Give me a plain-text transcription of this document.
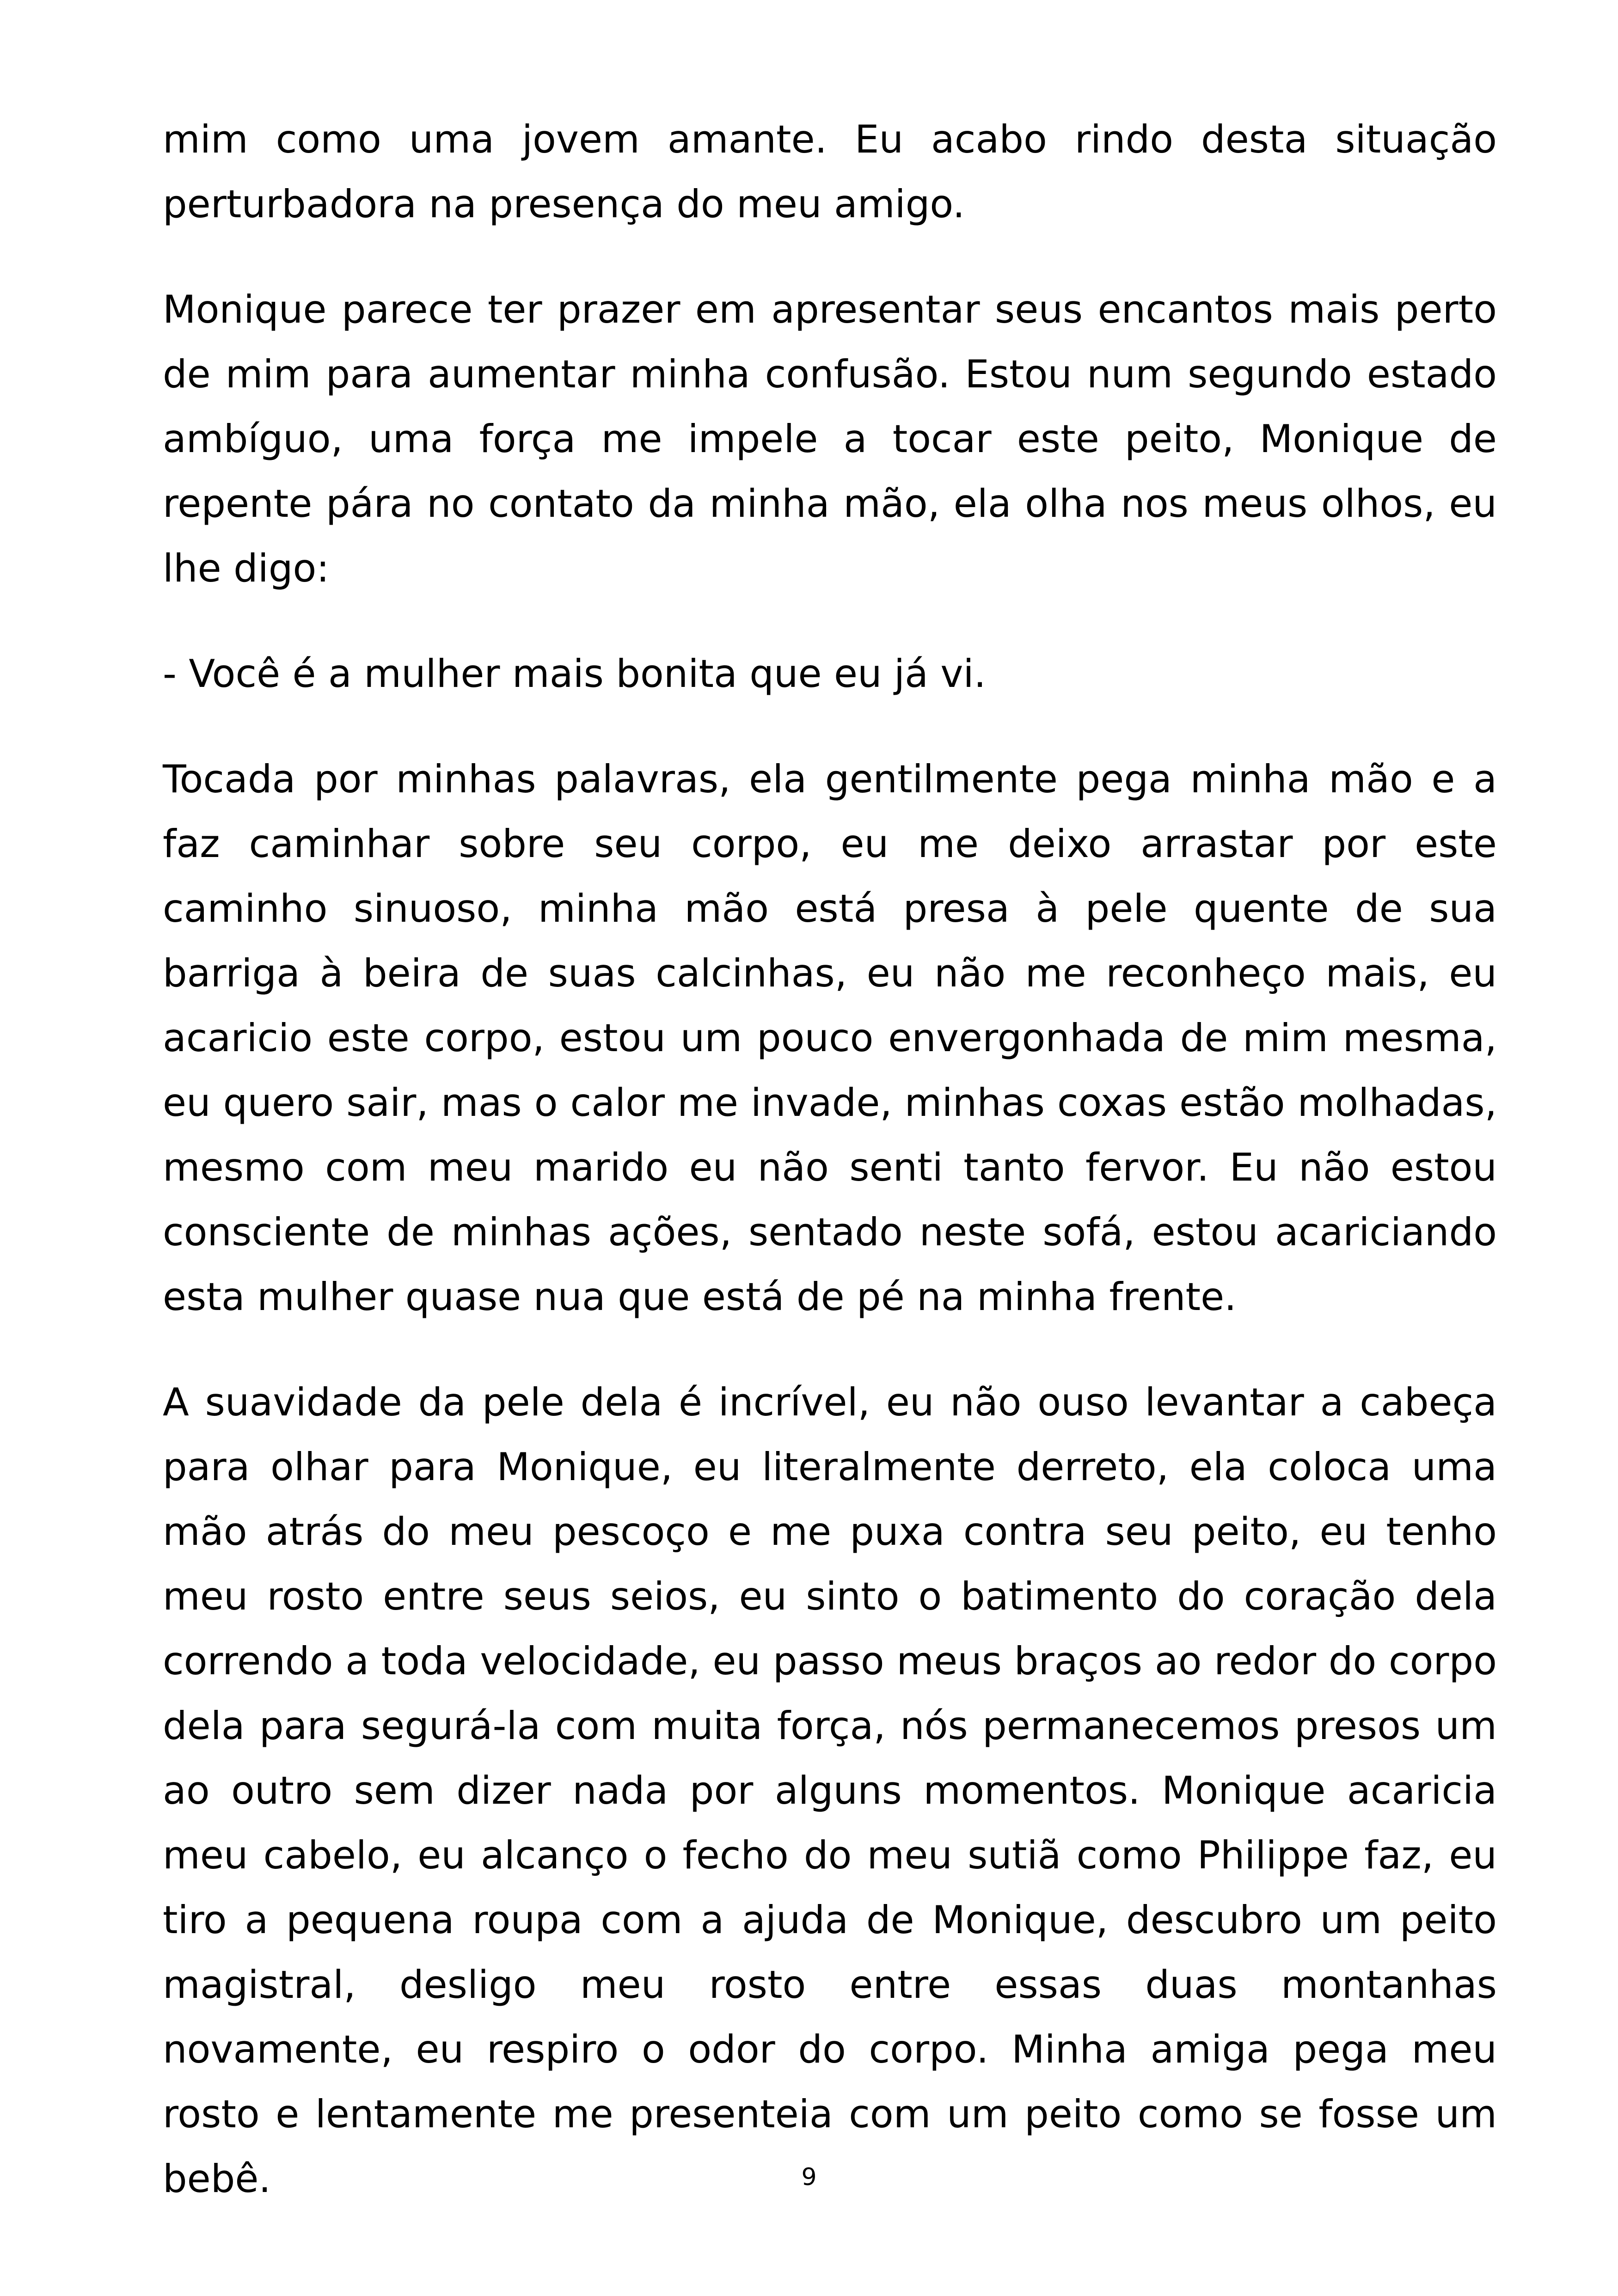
mim como uma jovem amante. Eu acabo rindo desta situação perturbadora na presença do meu amigo.

Monique parece ter prazer em apresentar seus encantos mais perto de mim para aumentar minha confusão. Estou num segundo estado ambíguo, uma força me impele a tocar este peito, Monique de repente pára no contato da minha mão, ela olha nos meus olhos, eu lhe digo:

- Você é a mulher mais bonita que eu já vi.

Tocada por minhas palavras, ela gentilmente pega minha mão e a faz caminhar sobre seu corpo, eu me deixo arrastar por este caminho sinuoso, minha mão está presa à pele quente de sua barriga à beira de suas calcinhas, eu não me reconheço mais, eu acaricio este corpo, estou um pouco envergonhada de mim mesma, eu quero sair, mas o calor me invade, minhas coxas estão molhadas, mesmo com meu marido eu não senti tanto fervor. Eu não estou consciente de minhas ações, sentado neste sofá, estou acariciando esta mulher quase nua que está de pé na minha frente.

A suavidade da pele dela é incrível, eu não ouso levantar a cabeça para olhar para Monique, eu literalmente derreto, ela coloca uma mão atrás do meu pescoço e me puxa contra seu peito, eu tenho meu rosto entre seus seios, eu sinto o batimento do coração dela correndo a toda velocidade, eu passo meus braços ao redor do corpo dela para segurá-la com muita força, nós permanecemos presos um ao outro sem dizer nada por alguns momentos. Monique acaricia meu cabelo, eu alcanço o fecho do meu sutiã como Philippe faz, eu tiro a pequena roupa com a ajuda de Monique, descubro um peito magistral, desligo meu rosto entre essas duas montanhas novamente, eu respiro o odor do corpo. Minha amiga pega meu rosto e lentamente me presenteia com um peito como se fosse um bebê.	9
